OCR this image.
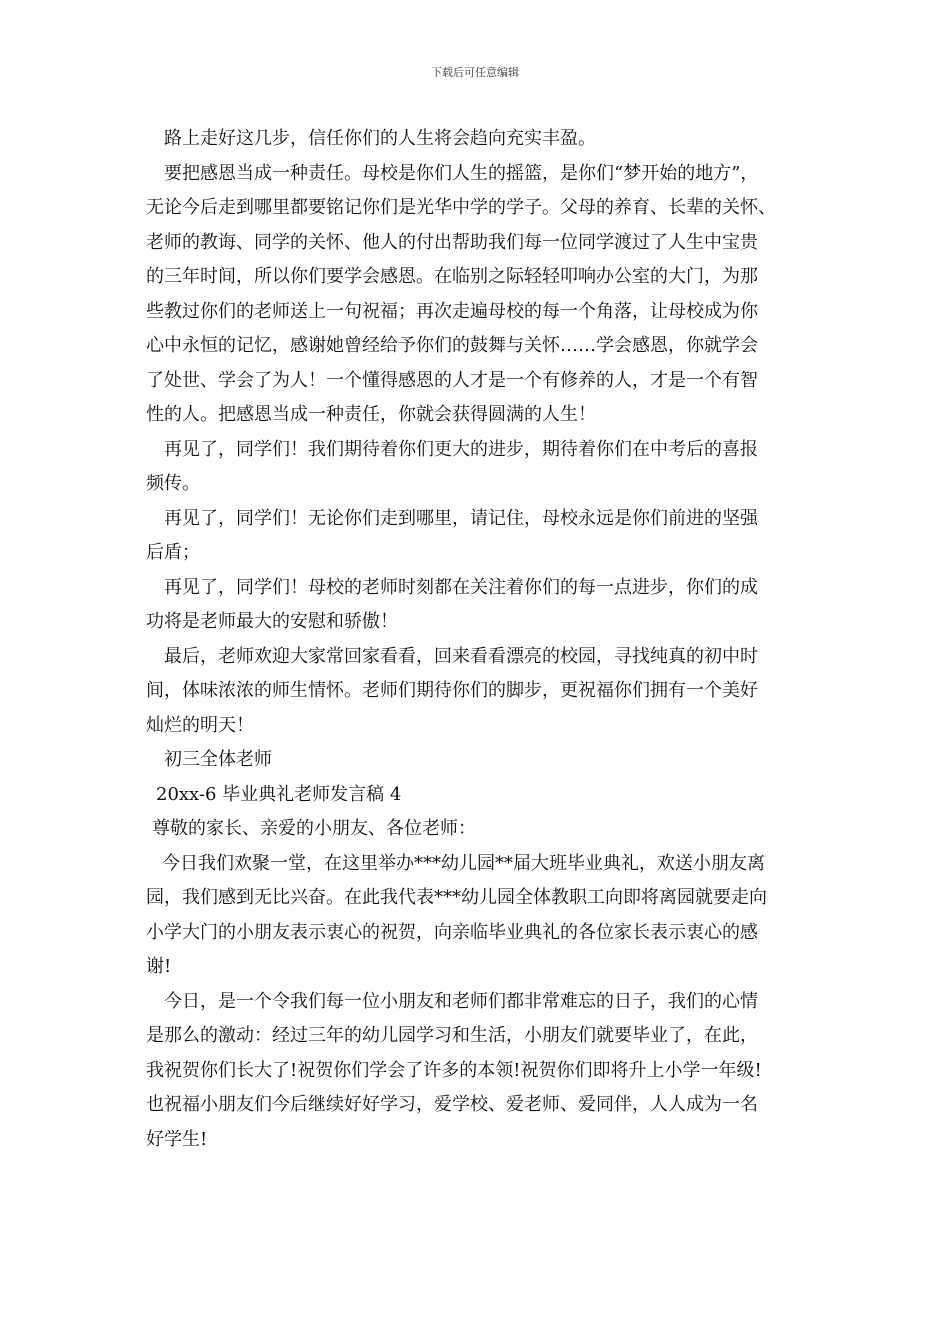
下载后可任意编辑
路上走好这几步，信任你们的人生将会趋向充实丰盈。
要把感恩当成一种责任。母校是你们人生的摇篮，是你们“梦开始的地方”，
无论今后走到哪里都要铭记你们是光华中学的学子。父母的养育、长辈的关怀、
老师的教诲、同学的关怀、他人的付出帮助我们每一位同学渡过了人生中宝贵
的三年时间，所以你们要学会感恩。在临别之际轻轻叩响办公室的大门，为那
些教过你们的老师送上一句祝福；再次走遍母校的每一个角落，让母校成为你
心中永恒的记忆，感谢她曾经给予你们的鼓舞与关怀……学会感恩，你就学会
了处世、学会了为人！一个懂得感恩的人才是一个有修养的人，才是一个有智
性的人。把感恩当成一种责任，你就会获得圆满的人生！
再见了，同学们！我们期待着你们更大的进步，期待着你们在中考后的喜报
频传。
再见了，同学们！无论你们走到哪里，请记住，母校永远是你们前进的坚强
后盾；
再见了，同学们！母校的老师时刻都在关注着你们的每一点进步，你们的成
功将是老师最大的安慰和骄傲！
最后，老师欢迎大家常回家看看，回来看看漂亮的校园，寻找纯真的初中时
间，体味浓浓的师生情怀。老师们期待你们的脚步，更祝福你们拥有一个美好
灿烂的明天！
初三全体老师
20xx-6 毕业典礼老师发言稿 4
尊敬的家长、亲爱的小朋友、各位老师：
今日我们欢聚一堂，在这里举办***幼儿园**届大班毕业典礼，欢送小朋友离
园，我们感到无比兴奋。在此我代表***幼儿园全体教职工向即将离园就要走向
小学大门的小朋友表示衷心的祝贺，向亲临毕业典礼的各位家长表示衷心的感
谢!
今日，是一个令我们每一位小朋友和老师们都非常难忘的日子，我们的心情
是那么的激动：经过三年的幼儿园学习和生活，小朋友们就要毕业了，在此，
我祝贺你们长大了!祝贺你们学会了许多的本领!祝贺你们即将升上小学一年级!
也祝福小朋友们今后继续好好学习，爱学校、爱老师、爱同伴，人人成为一名
好学生!
